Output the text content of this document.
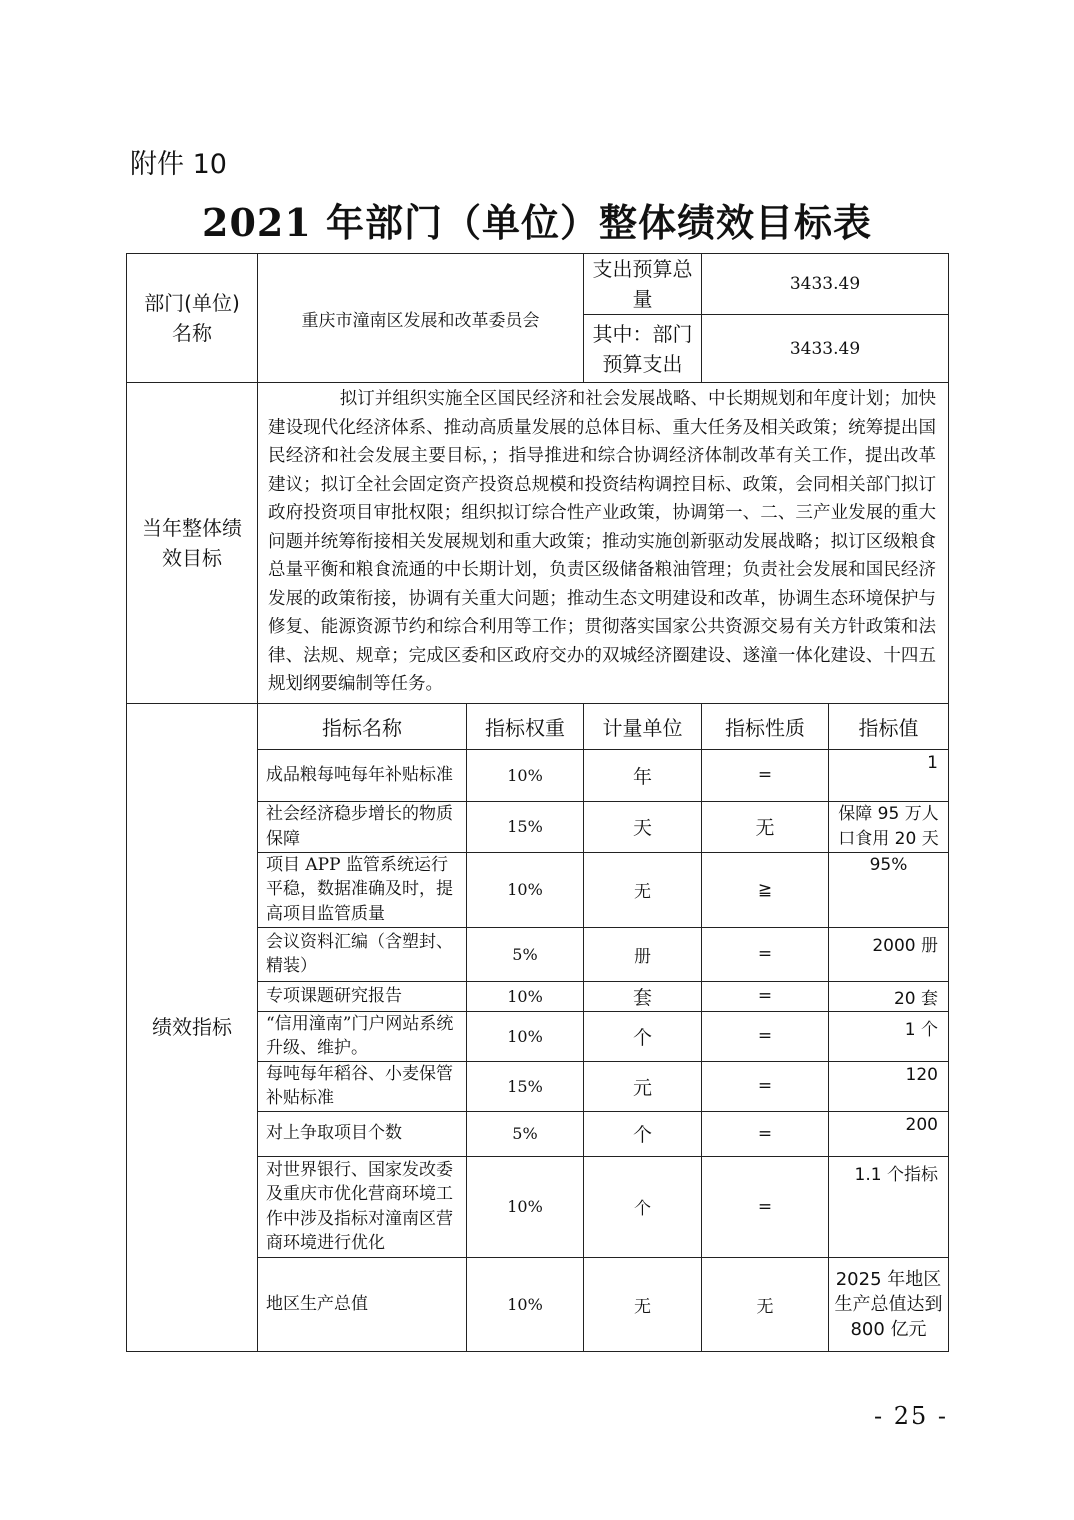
附件 10
2021 年部门（单位）整体绩效目标表
部门(单位)名称	重庆市潼南区发展和改革委员会		支出预算总量	3433.49	
			其中：部门预算支出	3433.49	
当年整体绩效目标	拟订并组织实施全区国民经济和社会发展战略、中长期规划和年度计划；加快建设现代化经济体系、推动高质量发展的总体目标、重大任务及相关政策；统筹提出国民经济和社会发展主要目标，；指导推进和综合协调经济体制改革有关工作，提出改革建议；拟订全社会固定资产投资总规模和投资结构调控目标、政策，会同相关部门拟订政府投资项目审批权限；组织拟订综合性产业政策，协调第一、二、三产业发展的重大问题并统筹衔接相关发展规划和重大政策；推动实施创新驱动发展战略；拟订区级粮食总量平衡和粮食流通的中长期计划，负责区级储备粮油管理；负责社会发展和国民经济发展的政策衔接，协调有关重大问题；推动生态文明建设和改革，协调生态环境保护与修复、能源资源节约和综合利用等工作；贯彻落实国家公共资源交易有关方针政策和法律、法规、规章；完成区委和区政府交办的双城经济圈建设、遂潼一体化建设、十四五规划纲要编制等任务。				

绩效指标	指标名称	指标权重	计量单位	指标性质	指标值
	成品粮每吨每年补贴标准	10%	年	=	1
	社会经济稳步增长的物质保障	15%	天	无	保障 95 万人口食用 20 天
	项目 APP 监管系统运行平稳，数据准确及时，提高项目监管质量	10%	无	≧	95%
	会议资料汇编（含塑封、精装）	5%	册	=	2000 册
	专项课题研究报告	10%	套	=	20 套
	“信用潼南”门户网站系统升级、维护。	10%	个	=	1 个
	每吨每年稻谷、小麦保管补贴标准	15%	元	=	120
	对上争取项目个数	5%	个	=	200
	对世界银行、国家发改委及重庆市优化营商环境工作中涉及指标对潼南区营商环境进行优化	10%	个	=	1.1 个指标
	地区生产总值	10%	无	无	2025 年地区生产总值达到 800 亿元
- 25 -
